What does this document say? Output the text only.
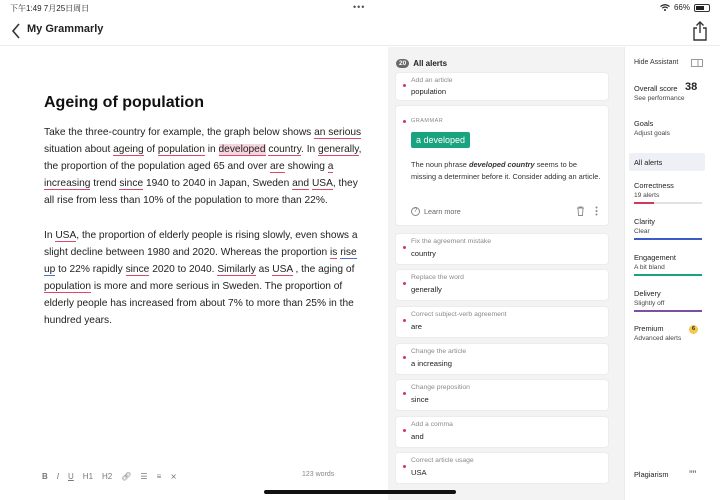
下午1:49 7月25日周日	•••	66%
My Grammarly
Ageing of population

Take the three-country for example, the graph below shows an serious situation about ageing of population in developed country. In generally, the proportion of the population aged 65 and over are showing a increasing trend since 1940 to 2040 in Japan, Sweden and USA, they all rise from less than 10% of the population to more than 22%.

In USA, the proportion of elderly people is rising slowly, even shows a slight decline between 1980 and 2020. Whereas the proportion is rise up to 22% rapidly since 2020 to 2040. Similarly as USA , the aging of population is more and more serious in Sweden. The proportion of elderly people has increased from about 7% to more than 25% in the hundred years.

B I U H1 H2 🔗︎ ☰ ≡ ⨯	123 words
20 All alerts
Add an article
population
GRAMMAR
a developed
The noun phrase developed country seems to be missing a determiner before it. Consider adding an article.
? Learn more
Fix the agreement mistake
country
Replace the word
generally
Correct subject-verb agreement
are
Change the article
a increasing
Change preposition
since
Add a comma
and
Correct article usage
USA
Hide Assistant
Overall score 38
See performance
Goals
Adjust goals
All alerts
Correctness
19 alerts
Clarity
Clear
Engagement
A bit bland
Delivery
Slightly off
Premium
Advanced alerts
6
Plagiarism ””
